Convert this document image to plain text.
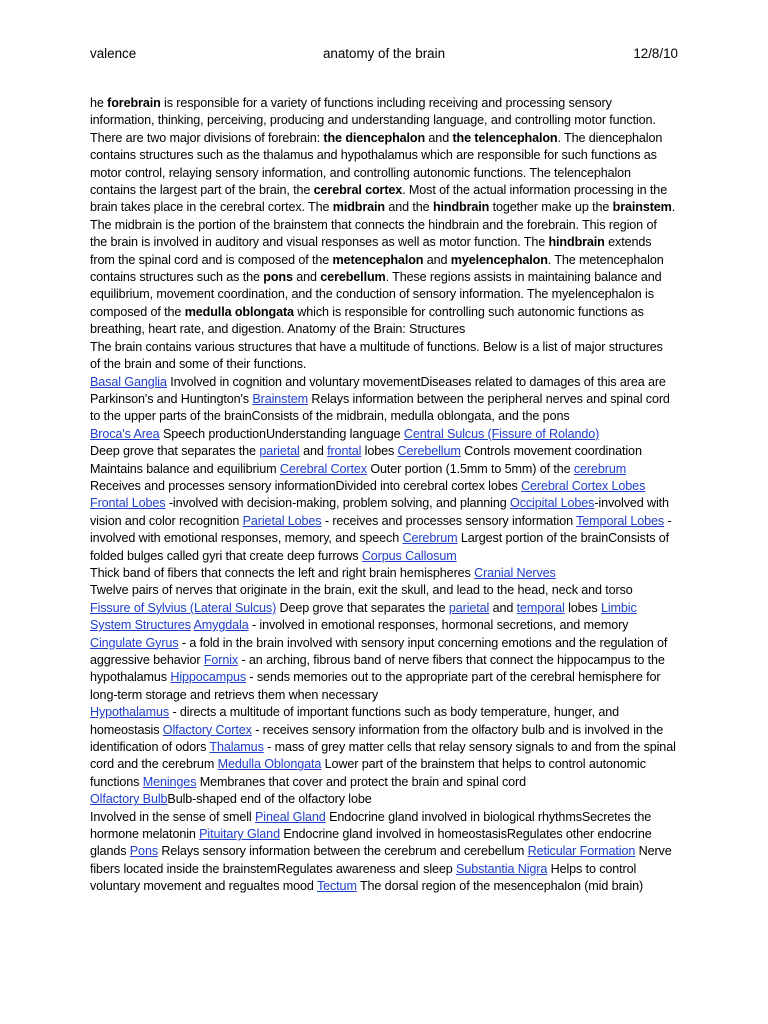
valence	anatomy of the brain	12/8/10

he forebrain is responsible for a variety of functions including receiving and processing sensory information, thinking, perceiving, producing and understanding language, and controlling motor function. There are two major divisions of forebrain: the diencephalon and the telencephalon. The diencephalon contains structures such as the thalamus and hypothalamus which are responsible for such functions as motor control, relaying sensory information, and controlling autonomic functions. The telencephalon contains the largest part of the brain, the cerebral cortex. Most of the actual information processing in the brain takes place in the cerebral cortex. The midbrain and the hindbrain together make up the brainstem. The midbrain is the portion of the brainstem that connects the hindbrain and the forebrain. This region of the brain is involved in auditory and visual responses as well as motor function. The hindbrain extends from the spinal cord and is composed of the metencephalon and myelencephalon. The metencephalon contains structures such as the pons and cerebellum. These regions assists in maintaining balance and equilibrium, movement coordination, and the conduction of sensory information. The myelencephalon is composed of the medulla oblongata which is responsible for controlling such autonomic functions as breathing, heart rate, and digestion. Anatomy of the Brain: Structures

The brain contains various structures that have a multitude of functions. Below is a list of major structures of the brain and some of their functions.

Basal Ganglia Involved in cognition and voluntary movementDiseases related to damages of this area are Parkinson's and Huntington's Brainstem Relays information between the peripheral nerves and spinal cord to the upper parts of the brainConsists of the midbrain, medulla oblongata, and the pons

Broca's Area Speech productionUnderstanding language Central Sulcus (Fissure of Rolando)

Deep grove that separates the parietal and frontal lobes Cerebellum Controls movement coordination Maintains balance and equilibrium Cerebral Cortex Outer portion (1.5mm to 5mm) of the cerebrum Receives and processes sensory informationDivided into cerebral cortex lobes Cerebral Cortex Lobes Frontal Lobes -involved with decision-making, problem solving, and planning Occipital Lobes-involved with vision and color recognition Parietal Lobes - receives and processes sensory information Temporal Lobes - involved with emotional responses, memory, and speech Cerebrum Largest portion of the brainConsists of folded bulges called gyri that create deep furrows Corpus Callosum

Thick band of fibers that connects the left and right brain hemispheres Cranial Nerves

Twelve pairs of nerves that originate in the brain, exit the skull, and lead to the head, neck and torso Fissure of Sylvius (Lateral Sulcus) Deep grove that separates the parietal and temporal lobes Limbic System Structures Amygdala - involved in emotional responses, hormonal secretions, and memory Cingulate Gyrus - a fold in the brain involved with sensory input concerning emotions and the regulation of aggressive behavior Fornix - an arching, fibrous band of nerve fibers that connect the hippocampus to the hypothalamus Hippocampus - sends memories out to the appropriate part of the cerebral hemisphere for long-term storage and retrievs them when necessary

Hypothalamus - directs a multitude of important functions such as body temperature, hunger, and homeostasis Olfactory Cortex - receives sensory information from the olfactory bulb and is involved in the identification of odors Thalamus - mass of grey matter cells that relay sensory signals to and from the spinal cord and the cerebrum Medulla Oblongata Lower part of the brainstem that helps to control autonomic functions Meninges Membranes that cover and protect the brain and spinal cord

Olfactory BulbBulb-shaped end of the olfactory lobe

Involved in the sense of smell Pineal Gland Endocrine gland involved in biological rhythmsSecretes the hormone melatonin Pituitary Gland Endocrine gland involved in homeostasisRegulates other endocrine glands Pons Relays sensory information between the cerebrum and cerebellum Reticular Formation Nerve fibers located inside the brainstemRegulates awareness and sleep Substantia Nigra Helps to control voluntary movement and regualtes mood Tectum The dorsal region of the mesencephalon (mid brain)
